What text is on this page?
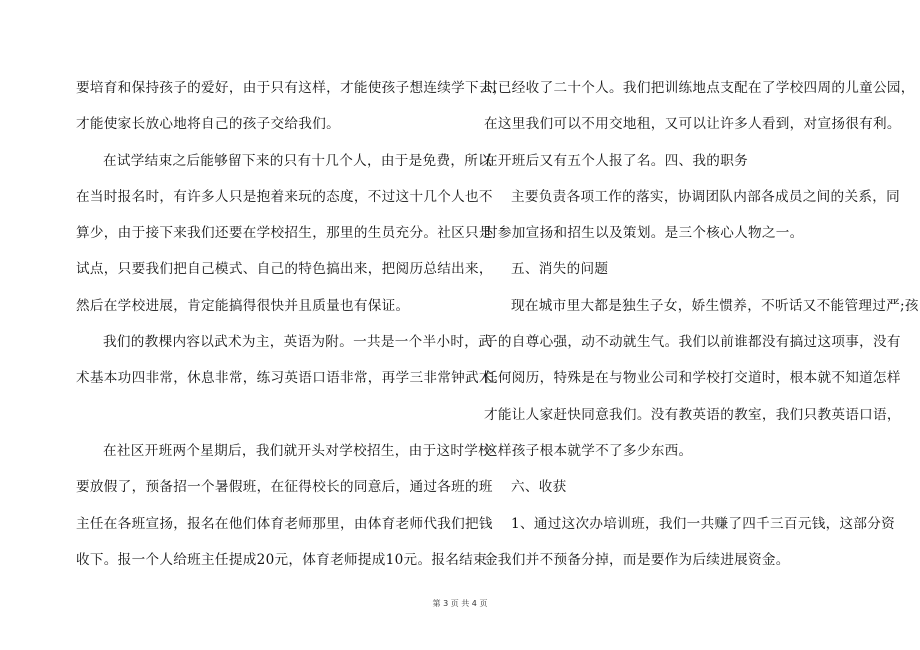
要培育和保持孩子的爱好，由于只有这样，才能使孩子想连续学下去，
才能使家长放心地将自己的孩子交给我们。
在试学结束之后能够留下来的只有十几个人，由于是免费，所以
在当时报名时，有许多人只是抱着来玩的态度，不过这十几个人也不
算少，由于接下来我们还要在学校招生，那里的生员充分。社区只是
试点，只要我们把自己模式、自己的特色搞出来，把阅历总结出来，
然后在学校进展，肯定能搞得很快并且质量也有保证。
我们的教棵内容以武术为主，英语为附。一共是一个半小时，武
术基本功四非常，休息非常，练习英语口语非常，再学三非常钟武术。
在社区开班两个星期后，我们就开头对学校招生，由于这时学校
要放假了，预备招一个暑假班，在征得校长的同意后，通过各班的班
主任在各班宣扬，报名在他们体育老师那里，由体育老师代我们把钱
收下。报一个人给班主任提成20元，体育老师提成10元。报名结束
时已经收了二十个人。我们把训练地点支配在了学校四周的儿童公园，
在这里我们可以不用交地租，又可以让许多人看到，对宣扬很有利。
在开班后又有五个人报了名。四、我的职务
主要负责各项工作的落实，协调团队内部各成员之间的关系，同
时参加宣扬和招生以及策划。是三个核心人物之一。
五、消失的问题
现在城市里大都是独生子女，娇生惯养，不听话又不能管理过严;孩
子的自尊心强，动不动就生气。我们以前谁都没有搞过这项事，没有
任何阅历，特殊是在与物业公司和学校打交道时，根本就不知道怎样
才能让人家赶快同意我们。没有教英语的教室，我们只教英语口语，
这样孩子根本就学不了多少东西。
六、收获
1、通过这次办培训班，我们一共赚了四千三百元钱，这部分资
金我们并不预备分掉，而是要作为后续进展资金。
第 3 页 共 4 页
